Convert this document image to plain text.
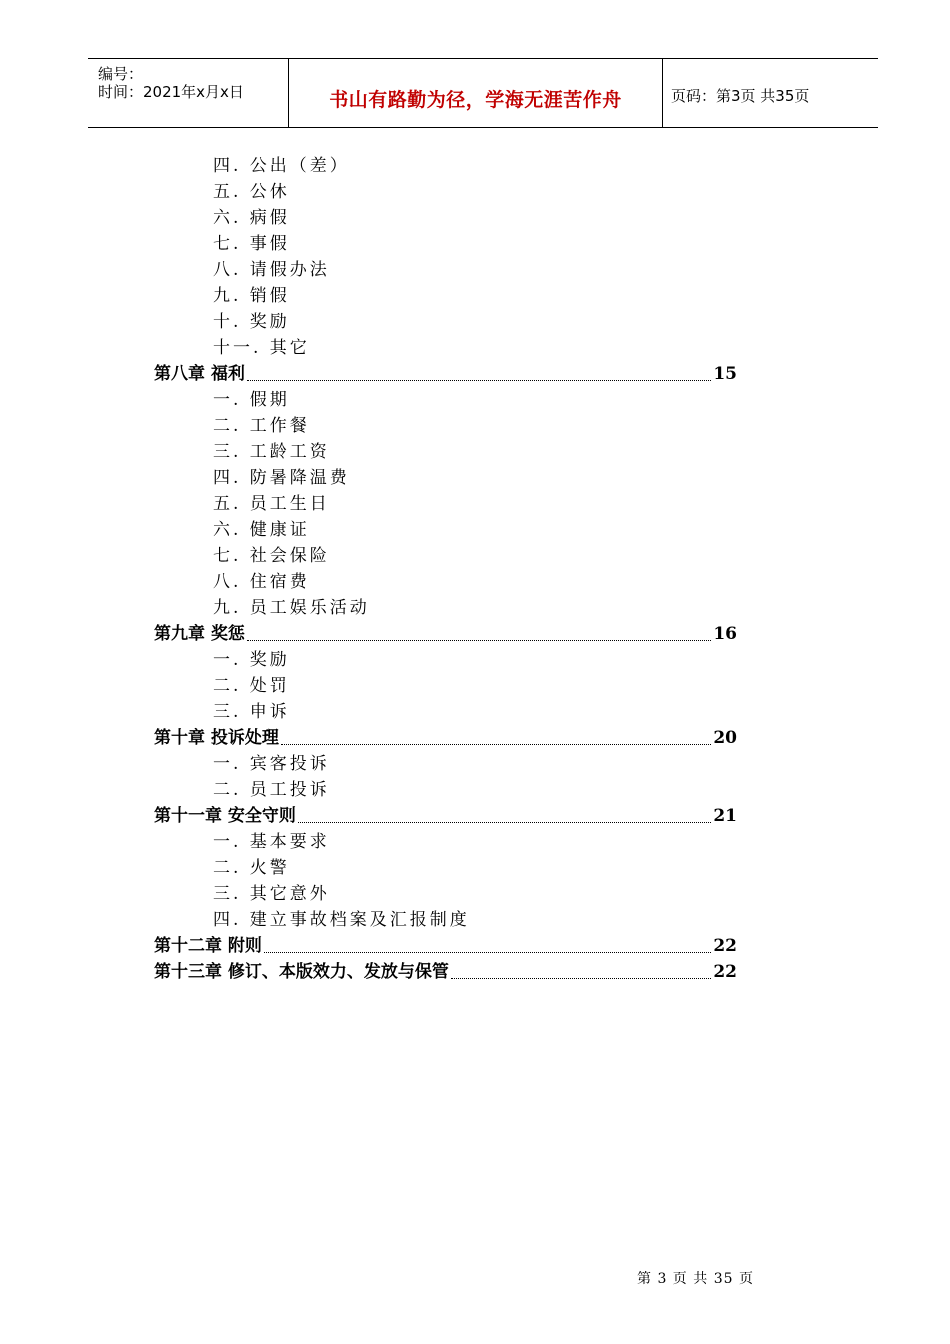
编号：
时间：2021年x月x日	书山有路勤为径，学海无涯苦作舟	页码：第3页 共35页
四. 公出（差）
五. 公休
六. 病假
七. 事假
八. 请假办法
九. 销假
十. 奖励
十一. 其它
第八章 福利	15
一. 假期
二. 工作餐
三. 工龄工资
四. 防暑降温费
五. 员工生日
六. 健康证
七. 社会保险
八. 住宿费
九. 员工娱乐活动
第九章 奖惩	16
一. 奖励
二. 处罚
三. 申诉
第十章 投诉处理	20
一. 宾客投诉
二. 员工投诉
第十一章 安全守则	21
一. 基本要求
二. 火警
三. 其它意外
四. 建立事故档案及汇报制度
第十二章 附则	22
第十三章 修订、本版效力、发放与保管	22
第 3 页 共 35 页
